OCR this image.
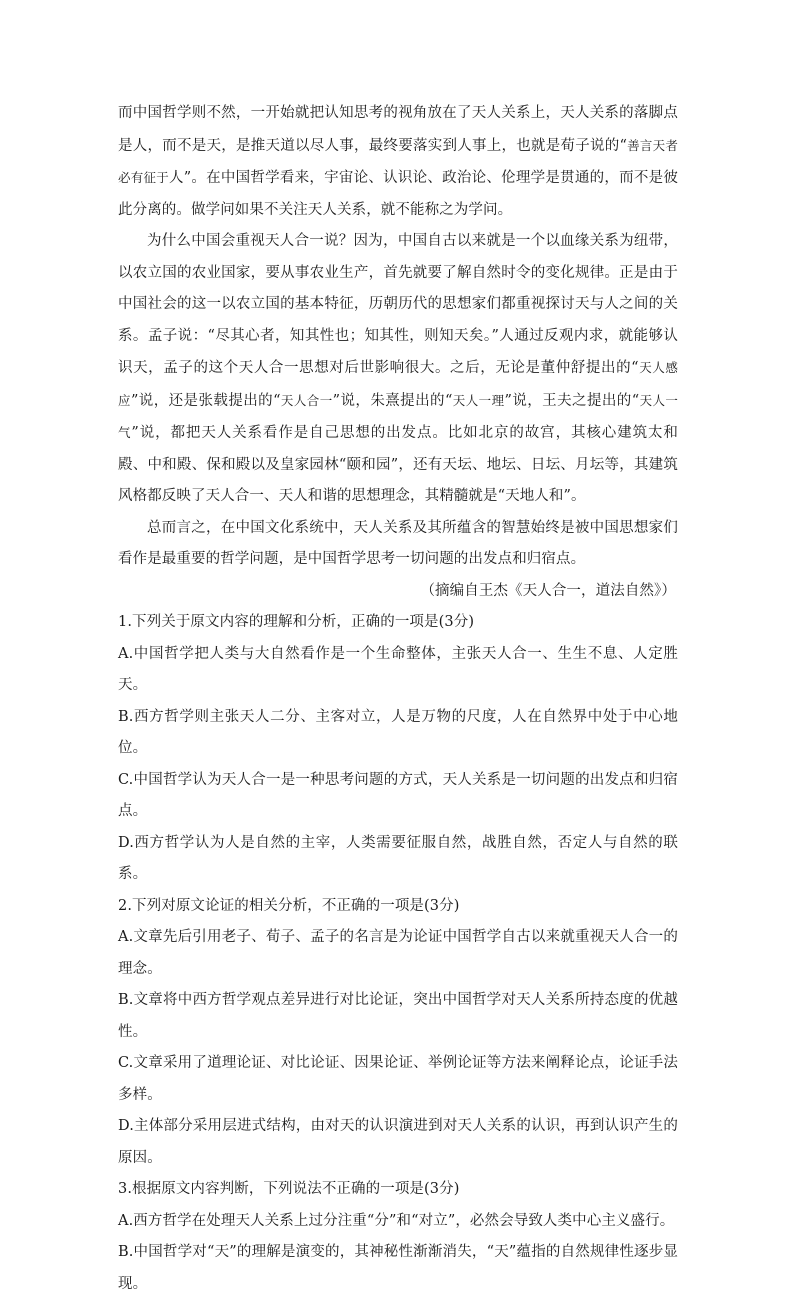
而中国哲学则不然，一开始就把认知思考的视角放在了天人关系上，天人关系的落脚点是人，而不是天，是推天道以尽人事，最终要落实到人事上，也就是荀子说的“善言天者必有征于人”。在中国哲学看来，宇宙论、认识论、政治论、伦理学是贯通的，而不是彼此分离的。做学问如果不关注天人关系，就不能称之为学问。

为什么中国会重视天人合一说？因为，中国自古以来就是一个以血缘关系为纽带，以农立国的农业国家，要从事农业生产，首先就要了解自然时令的变化规律。正是由于中国社会的这一以农立国的基本特征，历朝历代的思想家们都重视探讨天与人之间的关系。孟子说：“尽其心者，知其性也；知其性，则知天矣。”人通过反观内求，就能够认识天，孟子的这个天人合一思想对后世影响很大。之后，无论是董仲舒提出的“天人感应”说，还是张载提出的“天人合一”说，朱熹提出的“天人一理”说，王夫之提出的“天人一气”说，都把天人关系看作是自己思想的出发点。比如北京的故宫，其核心建筑太和殿、中和殿、保和殿以及皇家园林“颐和园”，还有天坛、地坛、日坛、月坛等，其建筑风格都反映了天人合一、天人和谐的思想理念，其精髓就是“天地人和”。

总而言之，在中国文化系统中，天人关系及其所蕴含的智慧始终是被中国思想家们看作是最重要的哲学问题，是中国哲学思考一切问题的出发点和归宿点。

（摘编自王杰《天人合一，道法自然》）

1.下列关于原文内容的理解和分析，正确的一项是(3分)

A.中国哲学把人类与大自然看作是一个生命整体，主张天人合一、生生不息、人定胜天。

B.西方哲学则主张天人二分、主客对立，人是万物的尺度，人在自然界中处于中心地位。

C.中国哲学认为天人合一是一种思考问题的方式，天人关系是一切问题的出发点和归宿点。

D.西方哲学认为人是自然的主宰，人类需要征服自然，战胜自然，否定人与自然的联系。

2.下列对原文论证的相关分析，不正确的一项是(3分)

A.文章先后引用老子、荀子、孟子的名言是为论证中国哲学自古以来就重视天人合一的理念。

B.文章将中西方哲学观点差异进行对比论证，突出中国哲学对天人关系所持态度的优越性。

C.文章采用了道理论证、对比论证、因果论证、举例论证等方法来阐释论点，论证手法多样。

D.主体部分采用层进式结构，由对天的认识演进到对天人关系的认识，再到认识产生的原因。

3.根据原文内容判断，下列说法不正确的一项是(3分)

A.西方哲学在处理天人关系上过分注重“分”和“对立”，必然会导致人类中心主义盛行。

B.中国哲学对“天”的理解是演变的，其神秘性渐渐消失，“天”蕴指的自然规律性逐步显现。
